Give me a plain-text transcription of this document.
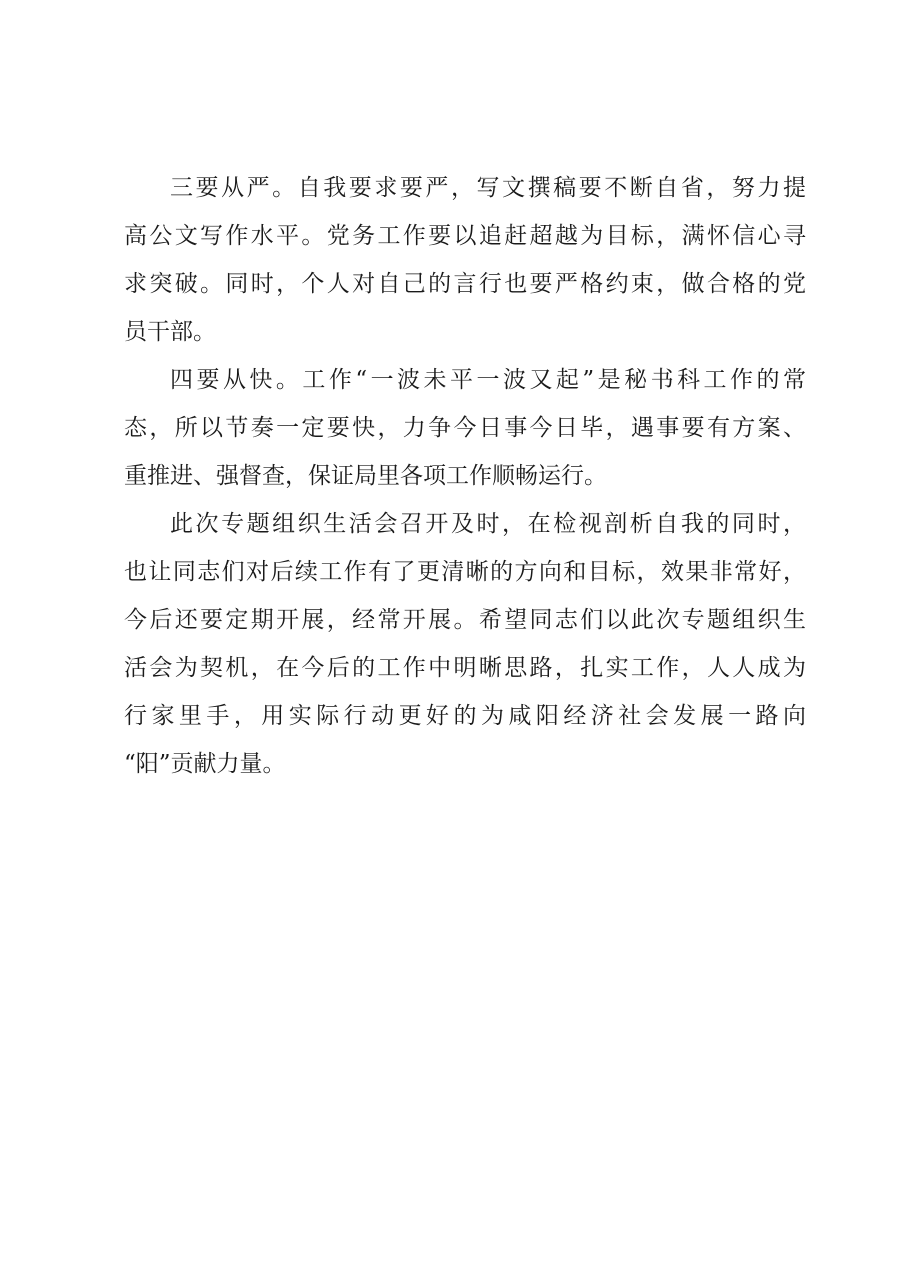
三要从严。自我要求要严，写文撰稿要不断自省，努力提
高公文写作水平。党务工作要以追赶超越为目标，满怀信心寻
求突破。同时，个人对自己的言行也要严格约束，做合格的党
员干部。

四要从快。工作“一波未平一波又起”是秘书科工作的常
态，所以节奏一定要快，力争今日事今日毕，遇事要有方案、
重推进、强督查，保证局里各项工作顺畅运行。

此次专题组织生活会召开及时，在检视剖析自我的同时，
也让同志们对后续工作有了更清晰的方向和目标，效果非常好，
今后还要定期开展，经常开展。希望同志们以此次专题组织生
活会为契机，在今后的工作中明晰思路，扎实工作，人人成为
行家里手，用实际行动更好的为咸阳经济社会发展一路向
“阳”贡献力量。
